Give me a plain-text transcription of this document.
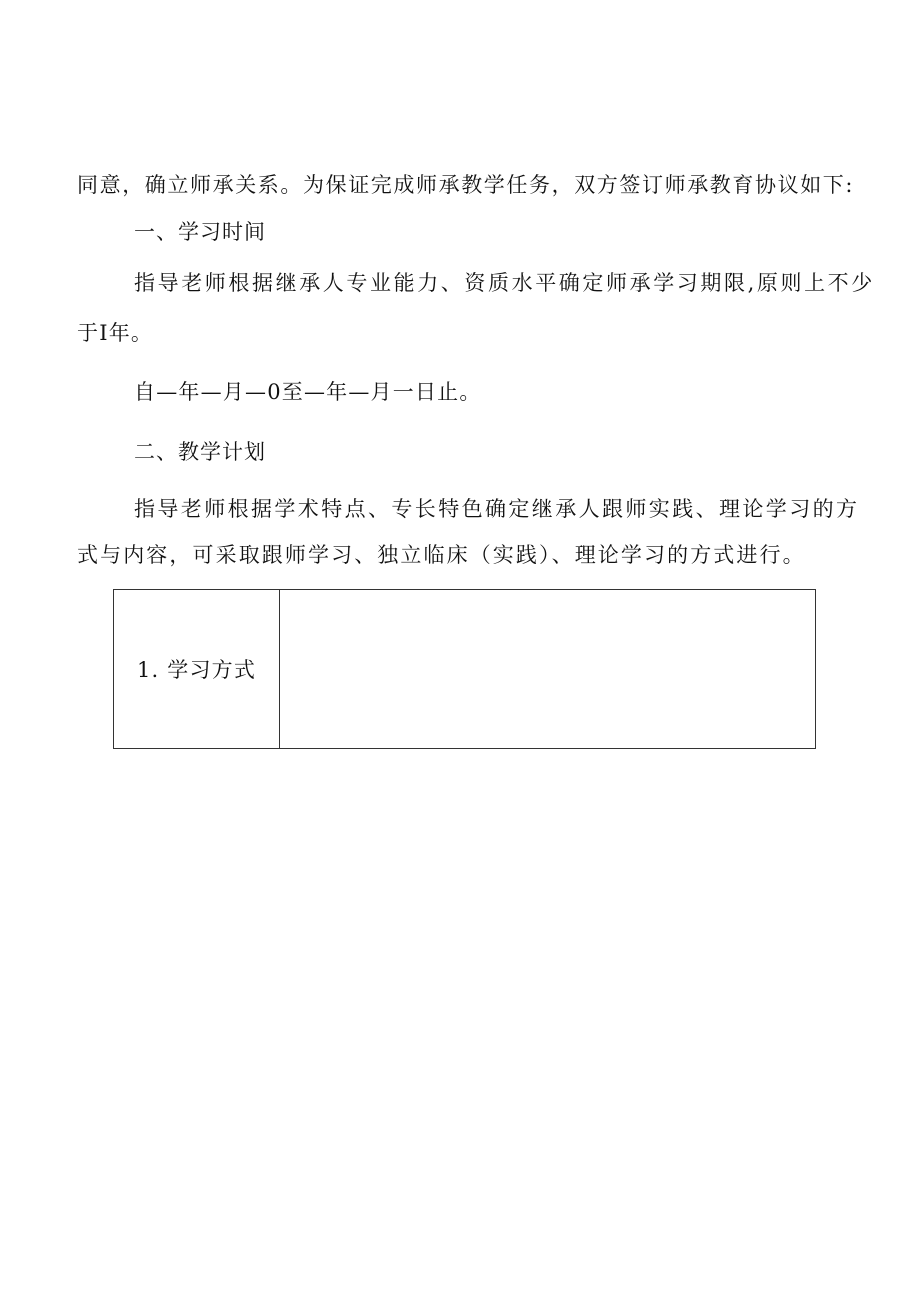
同意，确立师承关系。为保证完成师承教学任务，双方签订师承教育协议如下:
一、学习时间
指导老师根据继承人专业能力、资质水平确定师承学习期限,原则上不少
于I年。
自—年—月—0至—年—月一日止。
二、教学计划
指导老师根据学术特点、专长特色确定继承人跟师实践、理论学习的方
式与内容，可采取跟师学习、独立临床（实践）、理论学习的方式进行。
1. 学习方式	
